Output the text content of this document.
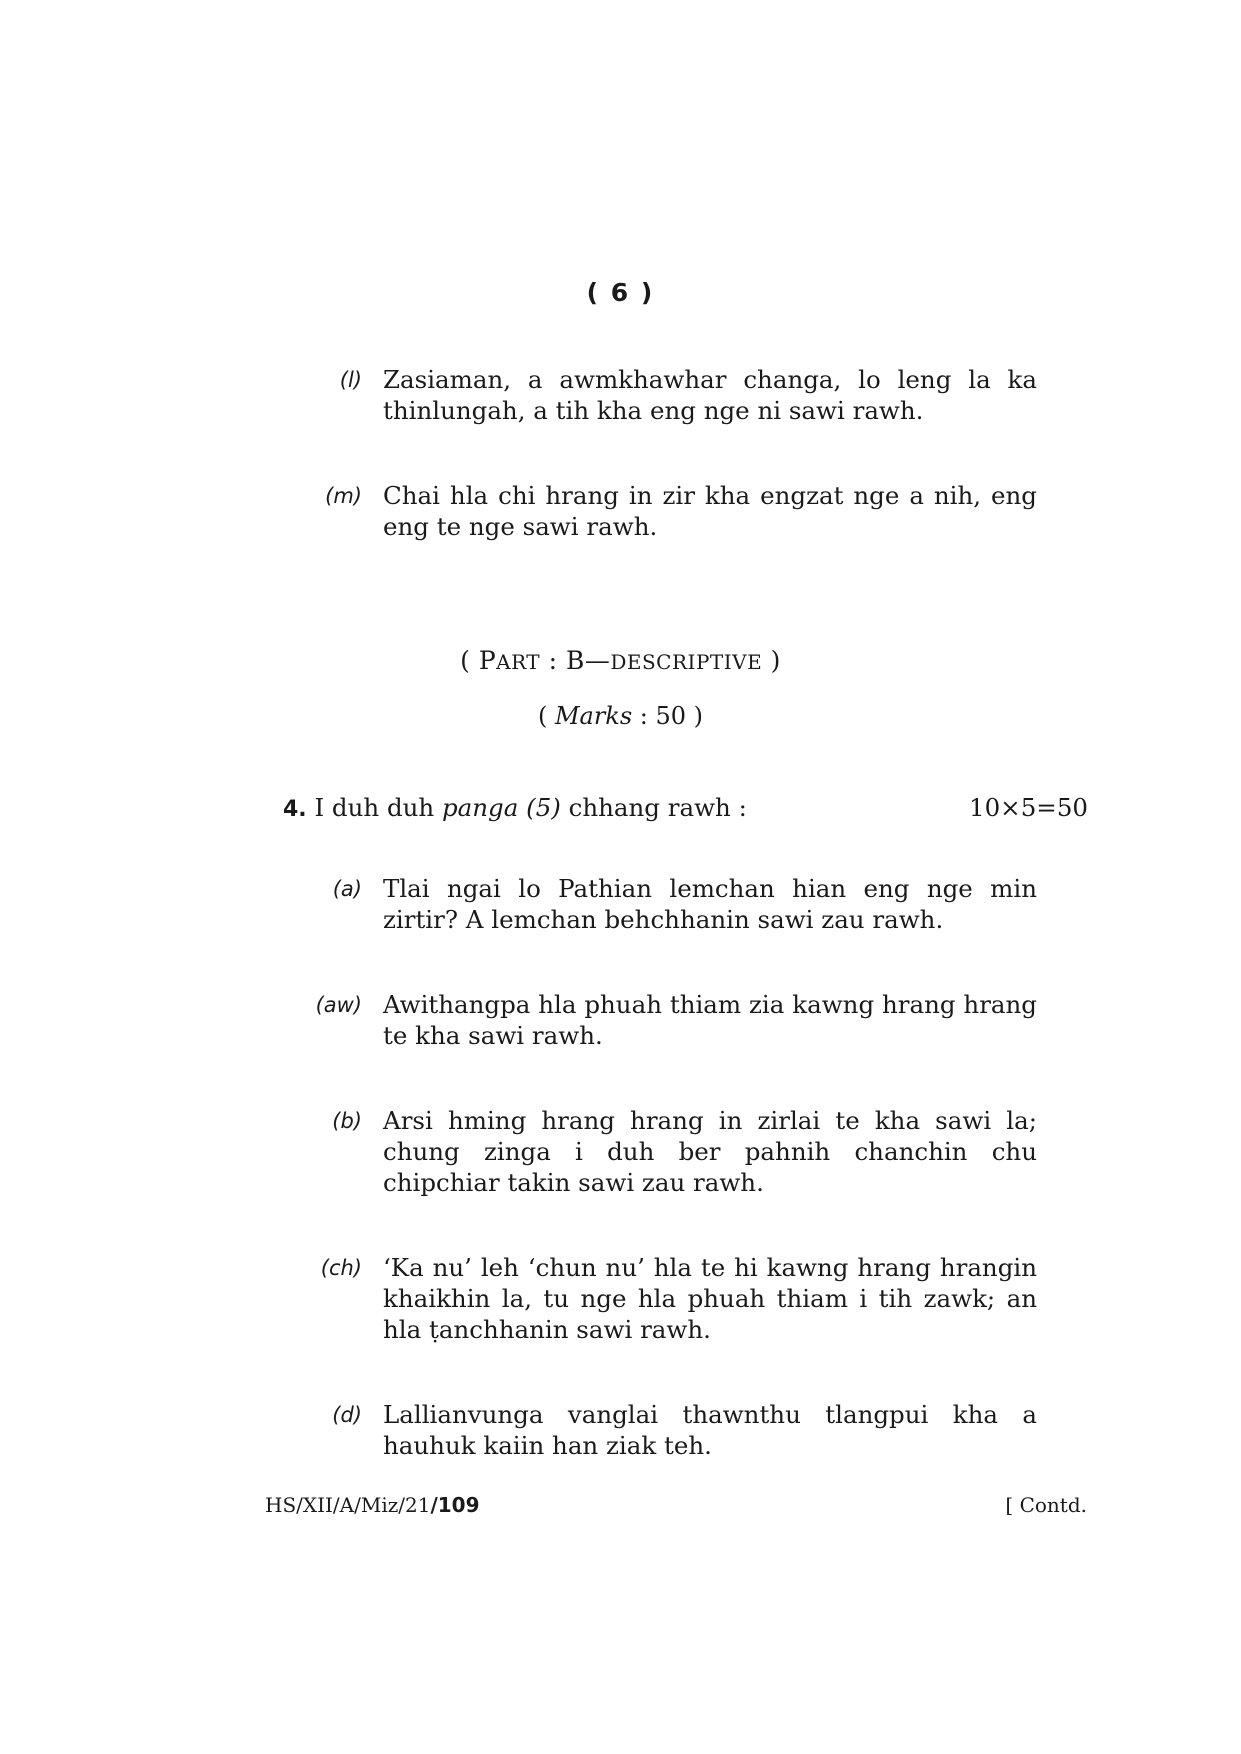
( 6 )
(l) Zasiaman, a awmkhawhar changa, lo leng la ka thinlungah, a tih kha eng nge ni sawi rawh.
(m) Chai hla chi hrang in zir kha engzat nge a nih, eng eng te nge sawi rawh.
( PART : B—DESCRIPTIVE )
( Marks : 50 )
4. I duh duh panga (5) chhang rawh :	10×5=50
(a) Tlai ngai lo Pathian lemchan hian eng nge min zirtir? A lemchan behchhanin sawi zau rawh.
(aw) Awithangpa hla phuah thiam zia kawng hrang hrang te kha sawi rawh.
(b) Arsi hming hrang hrang in zirlai te kha sawi la; chung zinga i duh ber pahnih chanchin chu chipchiar takin sawi zau rawh.
(ch) ‘Ka nu’ leh ‘chun nu’ hla te hi kawng hrang hrangin khaikhin la, tu nge hla phuah thiam i tih zawk; an hla ṭanchhanin sawi rawh.
(d) Lallianvunga vanglai thawnthu tlangpui kha a hauhuk kaiin han ziak teh.
HS/XII/A/Miz/21/109	[ Contd.
